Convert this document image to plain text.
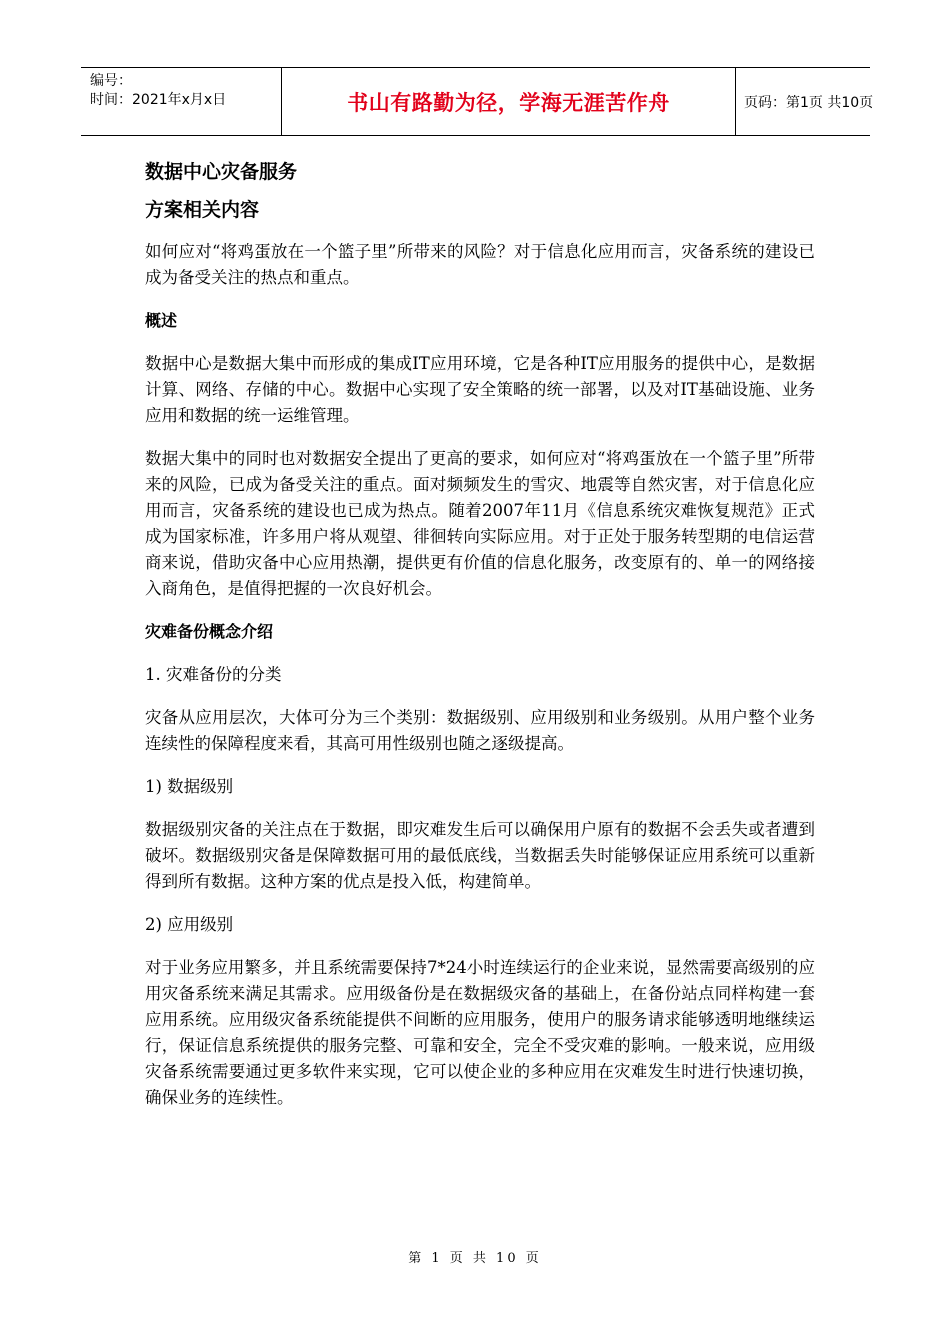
编号：
时间：2021年x月x日	书山有路勤为径，学海无涯苦作舟	页码：第1页 共10页
数据中心灾备服务
方案相关内容

如何应对“将鸡蛋放在一个篮子里”所带来的风险？对于信息化应用而言，灾备系统的建设已成为备受关注的热点和重点。

概述

数据中心是数据大集中而形成的集成IT应用环境，它是各种IT应用服务的提供中心，是数据计算、网络、存储的中心。数据中心实现了安全策略的统一部署，以及对IT基础设施、业务应用和数据的统一运维管理。

数据大集中的同时也对数据安全提出了更高的要求，如何应对“将鸡蛋放在一个篮子里”所带来的风险，已成为备受关注的重点。面对频频发生的雪灾、地震等自然灾害，对于信息化应用而言，灾备系统的建设也已成为热点。随着2007年11月《信息系统灾难恢复规范》正式成为国家标准，许多用户将从观望、徘徊转向实际应用。对于正处于服务转型期的电信运营商来说，借助灾备中心应用热潮，提供更有价值的信息化服务，改变原有的、单一的网络接入商角色，是值得把握的一次良好机会。

灾难备份概念介绍
1. 灾难备份的分类

灾备从应用层次，大体可分为三个类别：数据级别、应用级别和业务级别。从用户整个业务连续性的保障程度来看，其高可用性级别也随之逐级提高。

1) 数据级别

数据级别灾备的关注点在于数据，即灾难发生后可以确保用户原有的数据不会丢失或者遭到破坏。数据级别灾备是保障数据可用的最低底线，当数据丢失时能够保证应用系统可以重新得到所有数据。这种方案的优点是投入低，构建简单。

2) 应用级别

对于业务应用繁多，并且系统需要保持7*24小时连续运行的企业来说，显然需要高级别的应用灾备系统来满足其需求。应用级备份是在数据级灾备的基础上，在备份站点同样构建一套应用系统。应用级灾备系统能提供不间断的应用服务，使用户的服务请求能够透明地继续运行，保证信息系统提供的服务完整、可靠和安全，完全不受灾难的影响。一般来说，应用级灾备系统需要通过更多软件来实现，它可以使企业的多种应用在灾难发生时进行快速切换，确保业务的连续性。

第 1 页 共 10 页
